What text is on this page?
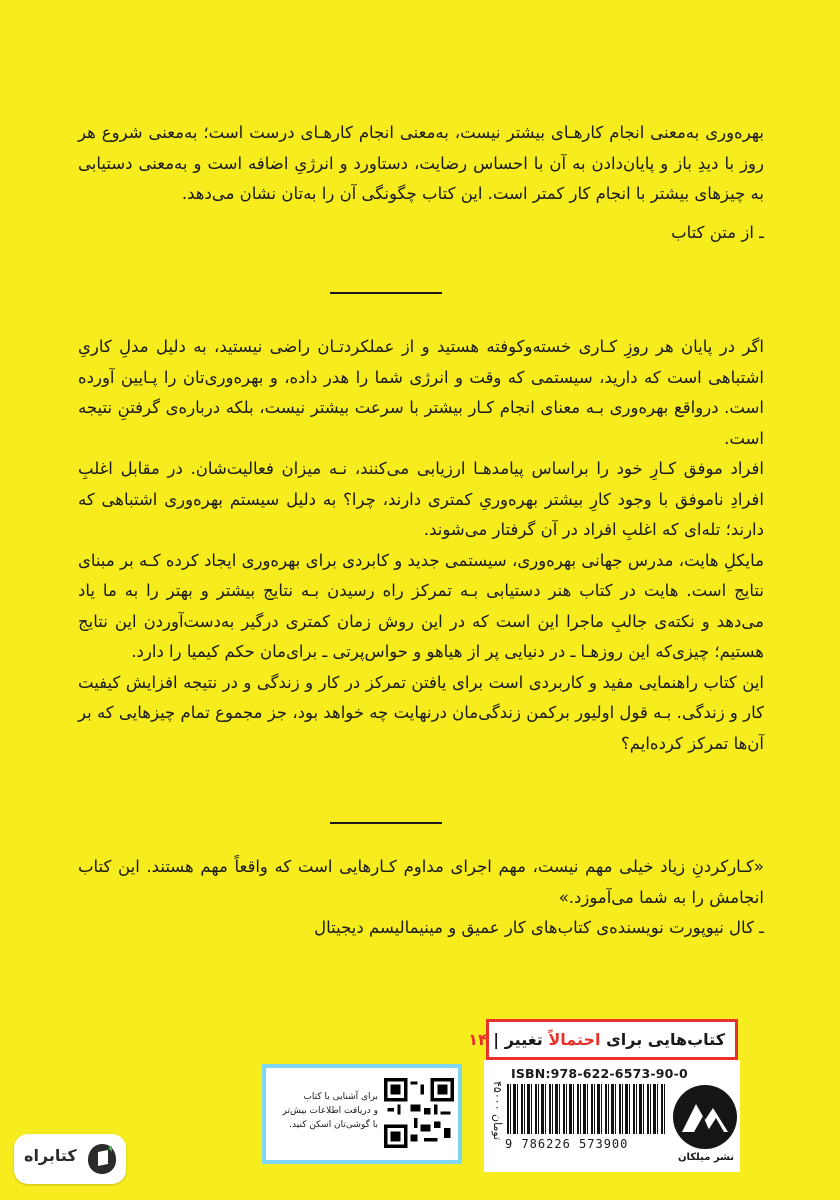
بهره‌وری به‌معنی انجام کارهـای بیشتر نیست، به‌معنی انجام کارهـای درست است؛ به‌معنی شروع هر روز با دیدِ باز و پایان‌دادن به آن با احساس رضایت، دستاورد و انرژیِ اضافه است و به‌معنی دستیابی به چیزهای بیشتر با انجام کار کمتر است. این کتاب چگونگی آن را به‌تان نشان می‌دهد.

ـ از متن کتاب

اگر در پایان هر روزِ کـاری خسته‌وکوفته هستید و از عملکردتـان راضی نیستید، به دلیل مدلِ کاریِ اشتباهی است که دارید، سیستمی که وقت و انرژی شما را هدر داده، و بهره‌وری‌تان را پـایین آورده است. درواقع بهره‌وری بـه معنای انجام کـار بیشتر با سرعت بیشتر نیست، بلکه درباره‌ی گرفتنِ نتیجه است.

افراد موفق کـارِ خود را براساس پیامدهـا ارزیابی می‌کنند، نـه میزان فعالیت‌شان. در مقابل اغلبِ افرادِ ناموفق با وجود کارِ بیشتر بهره‌وریِ کمتری دارند، چرا؟ به دلیل سیستم بهره‌وری اشتباهی که دارند؛ تله‌ای که اغلبِ افراد در آن گرفتار می‌شوند.

مایکلِ هایت، مدرس جهانی بهره‌وری، سیستمی جدید و کابردی برای بهره‌وری ایجاد کرده کـه بر مبنای نتایج است. هایت در کتاب هنر دستیابی بـه تمرکز راه رسیدن بـه نتایج بیشتر و بهتر را به ما یاد می‌دهد و نکته‌ی جالبِ ماجرا این است که در این روش زمان کمتری درگیر به‌دست‌آوردن این نتایج هستیم؛ چیزی‌که این روزهـا ـ در دنیایی پر از هیاهو و حواس‌پرتی ـ برای‌مان حکم کیمیا را دارد.

این کتاب راهنمایی مفید و کاربردی است برای یافتن تمرکز در کار و زندگی و در نتیجه افزایش کیفیت کار و زندگی. بـه قول اولیور برکمن زندگی‌مان درنهایت چه خواهد بود، جز مجموع تمام چیزهایی که بر آن‌ها تمرکز کرده‌ایم؟

«کـارکردنِ زیاد خیلی مهم نیست، مهم اجرای مداوم کـارهایی است که واقعاً مهم هستند. این کتاب انجامش را به شما می‌آموزد.»

ـ کال نیوپورت نویسنده‌ی کتاب‌های کار عمیق و مینیمالیسم دیجیتال

کتاب‌هایی برای احتمالاً تغییر | ۱۴
ISBN:978-622-6573-90-0
9 786226 573900
۴۵۰۰۰ تومان
نشر میلکان
برای آشنایی با کتاب
و دریافت اطلاعات بیش‌تر
با گوشی‌تان اسکن کنید.
کتابراه
